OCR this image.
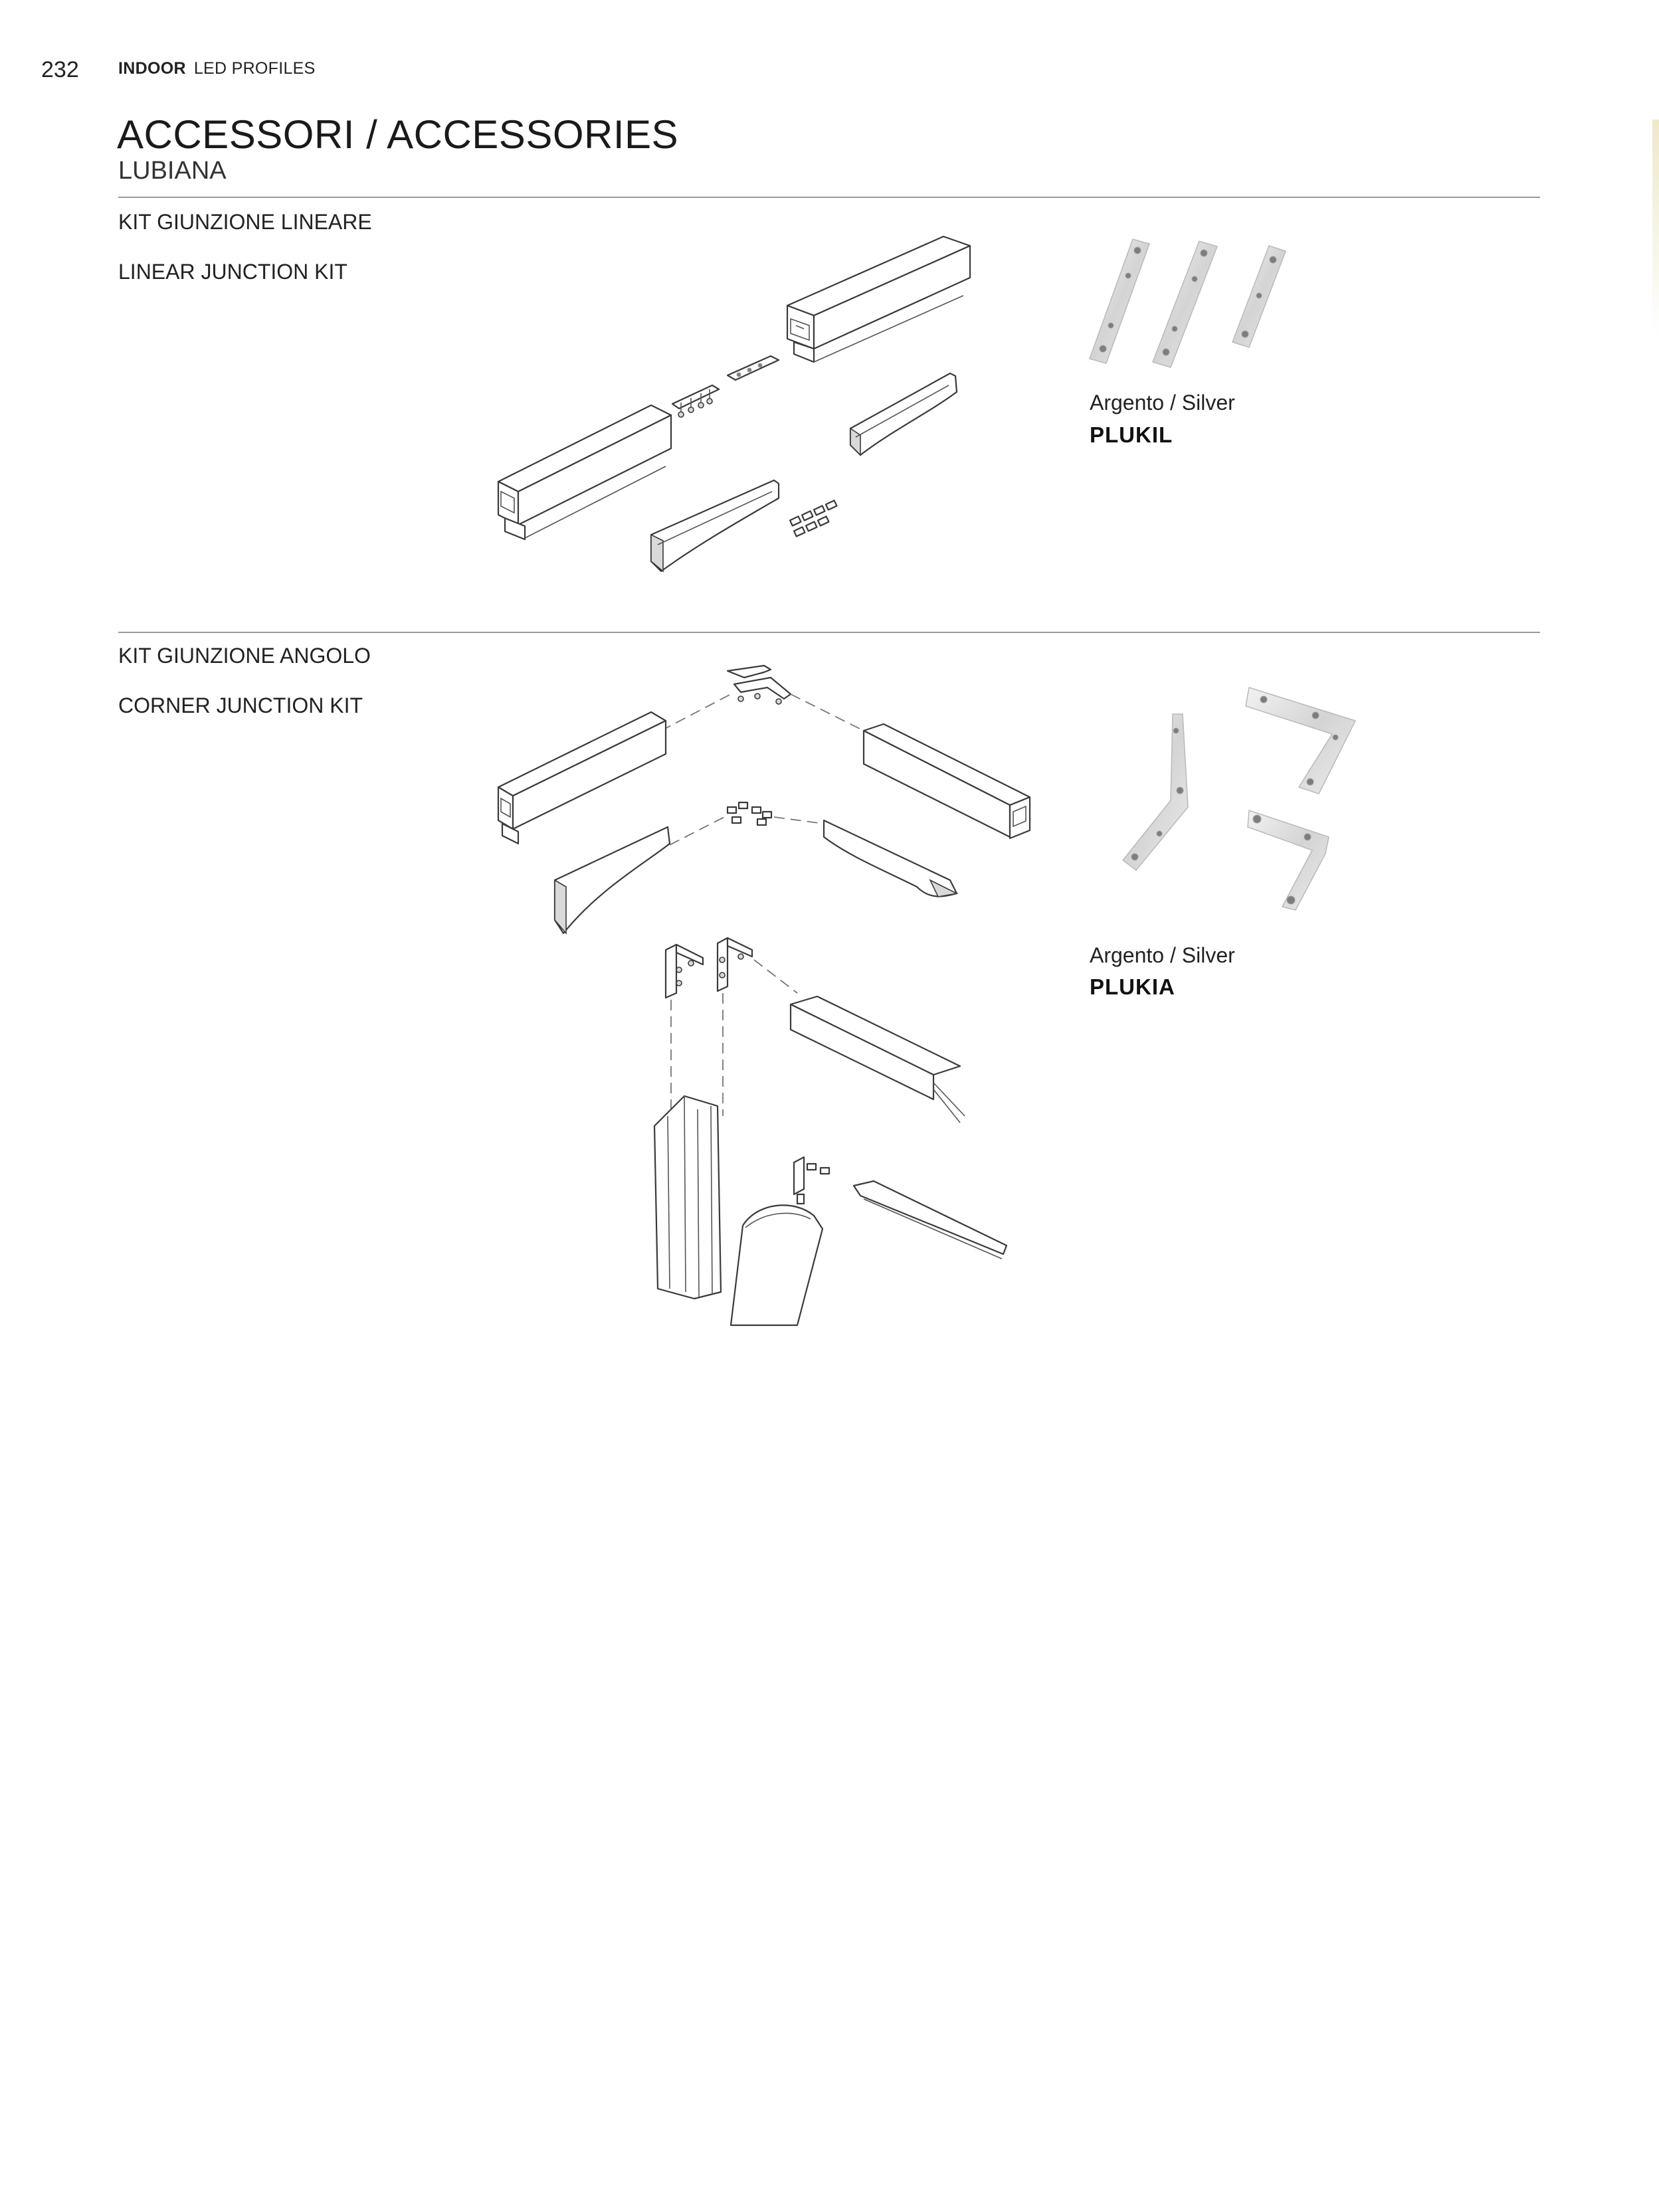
232 INDOOR LED PROFILES
ACCESSORI / ACCESSORIES
LUBIANA
KIT GIUNZIONE LINEARE
LINEAR JUNCTION KIT
Argento / Silver
PLUKIL
KIT GIUNZIONE ANGOLO
CORNER JUNCTION KIT
Argento / Silver
PLUKIA
